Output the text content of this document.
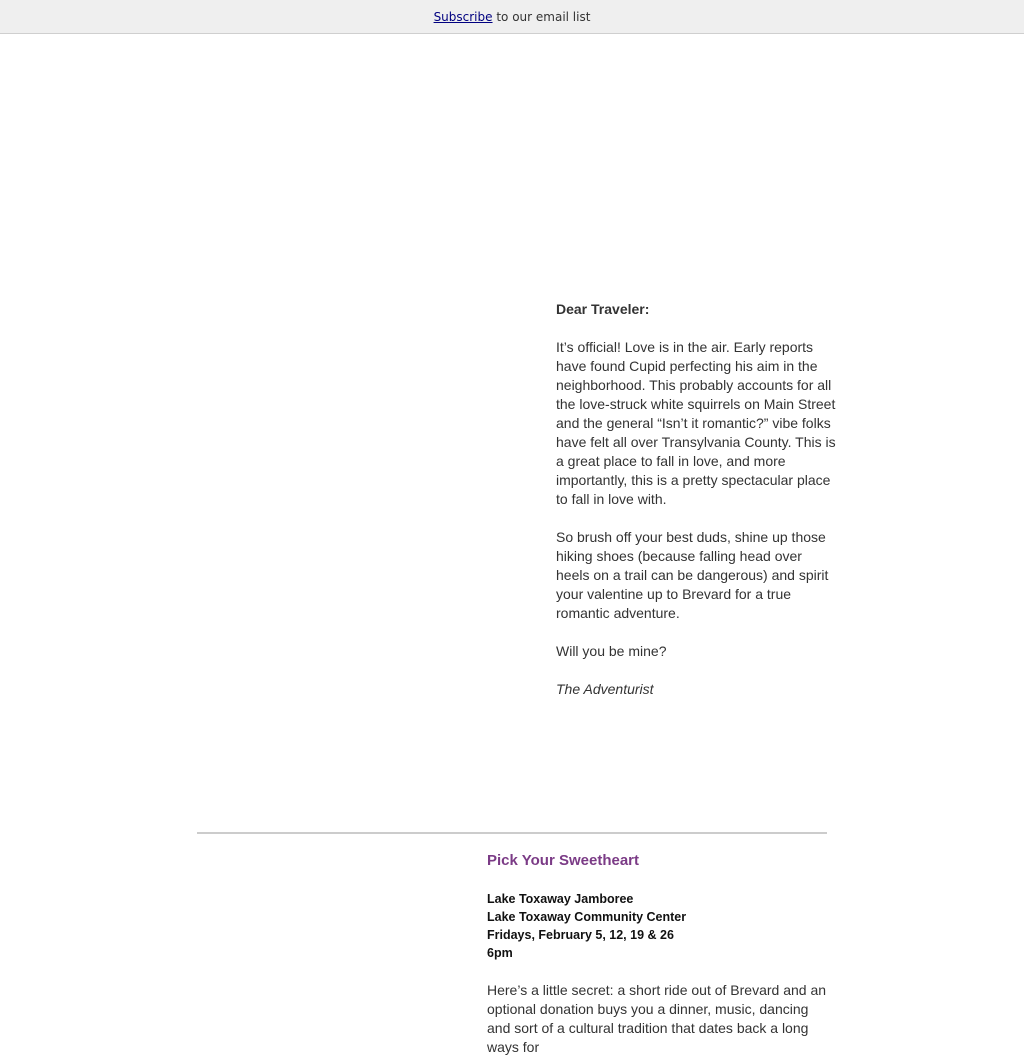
Subscribe to our email list

Dear Traveler:

It’s official! Love is in the air. Early reports have found Cupid perfecting his aim in the neighborhood. This probably accounts for all the love-struck white squirrels on Main Street and the general “Isn’t it romantic?” vibe folks have felt all over Transylvania County. This is a great place to fall in love, and more importantly, this is a pretty spectacular place to fall in love with.

So brush off your best duds, shine up those hiking shoes (because falling head over heels on a trail can be dangerous) and spirit your valentine up to Brevard for a true romantic adventure.

Will you be mine?

The Adventurist

Pick Your Sweetheart
Lake Toxaway Jamboree
Lake Toxaway Community Center
Fridays, February 5, 12, 19 & 26
6pm

Here’s a little secret: a short ride out of Brevard and an optional donation buys you a dinner, music, dancing and sort of a cultural tradition that dates back a long ways for
